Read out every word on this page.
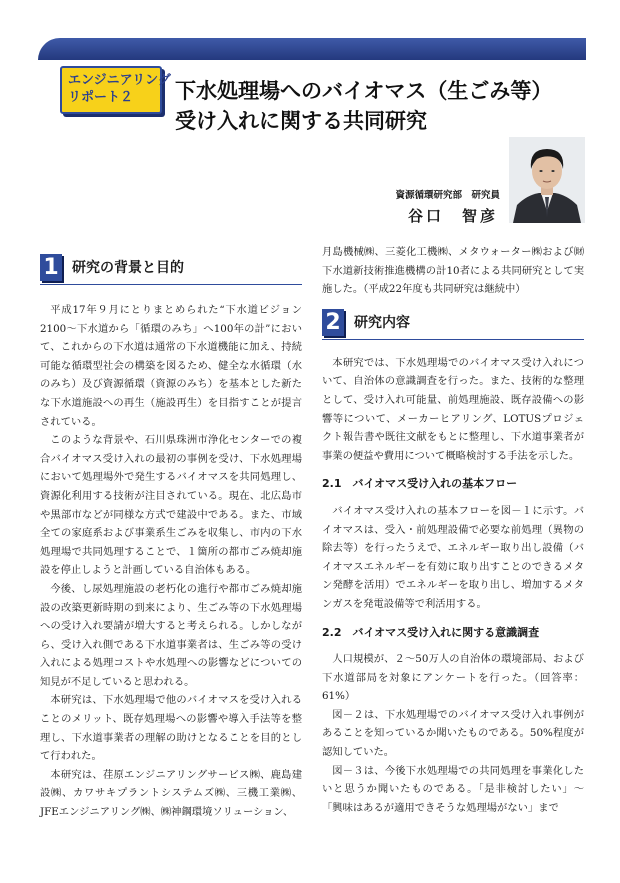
エンジニアリング
リポート２	下水処理場へのバイオマス（生ごみ等）
受け入れに関する共同研究
資源循環研究部　研究員
谷口　智彦
1 研究の背景と目的

平成17年９月にとりまとめられた“下水道ビジョン2100～下水道から「循環のみち」へ100年の計”において、これからの下水道は通常の下水道機能に加え、持続可能な循環型社会の構築を図るため、健全な水循環（水のみち）及び資源循環（資源のみち）を基本とした新たな下水道施設への再生（施設再生）を目指すことが提言されている。

このような背景や、石川県珠洲市浄化センターでの複合バイオマス受け入れの最初の事例を受け、下水処理場において処理場外で発生するバイオマスを共同処理し、資源化利用する技術が注目されている。現在、北広島市や黒部市などが同様な方式で建設中である。また、市域全ての家庭系および事業系生ごみを収集し、市内の下水処理場で共同処理することで、１箇所の都市ごみ焼却施設を停止しようと計画している自治体もある。

今後、し尿処理施設の老朽化の進行や都市ごみ焼却施設の改築更新時期の到来により、生ごみ等の下水処理場への受け入れ要請が増大すると考えられる。しかしながら、受け入れ側である下水道事業者は、生ごみ等の受け入れによる処理コストや水処理への影響などについての知見が不足していると思われる。

本研究は、下水処理場で他のバイオマスを受け入れることのメリット、既存処理場への影響や導入手法等を整理し、下水道事業者の理解の助けとなることを目的として行われた。

本研究は、荏原エンジニアリングサービス㈱、鹿島建設㈱、カワサキプラントシステムズ㈱、三機工業㈱、JFEエンジニアリング㈱、㈱神鋼環境ソリューション、

月島機械㈱、三菱化工機㈱、メタウォーター㈱および㈶下水道新技術推進機構の計10者による共同研究として実施した。（平成22年度も共同研究は継続中）

2 研究内容

本研究では、下水処理場でのバイオマス受け入れについて、自治体の意識調査を行った。また、技術的な整理として、受け入れ可能量、前処理施設、既存設備への影響等について、メーカーヒアリング、LOTUSプロジェクト報告書や既往文献をもとに整理し、下水道事業者が事業の便益や費用について概略検討する手法を示した。

2.1　バイオマス受け入れの基本フロー

バイオマス受け入れの基本フローを図－１に示す。バイオマスは、受入・前処理設備で必要な前処理（異物の除去等）を行ったうえで、エネルギー取り出し設備（バイオマスエネルギーを有効に取り出すことのできるメタン発酵を活用）でエネルギーを取り出し、増加するメタンガスを発電設備等で利活用する。

2.2　バイオマス受け入れに関する意識調査

人口規模が、２～50万人の自治体の環境部局、および下水道部局を対象にアンケートを行った。（回答率：61%）

図－２は、下水処理場でのバイオマス受け入れ事例があることを知っているか聞いたものである。50%程度が認知していた。

図－３は、今後下水処理場での共同処理を事業化したいと思うか聞いたものである。「是非検討したい」～「興味はあるが適用できそうな処理場がない」まで
